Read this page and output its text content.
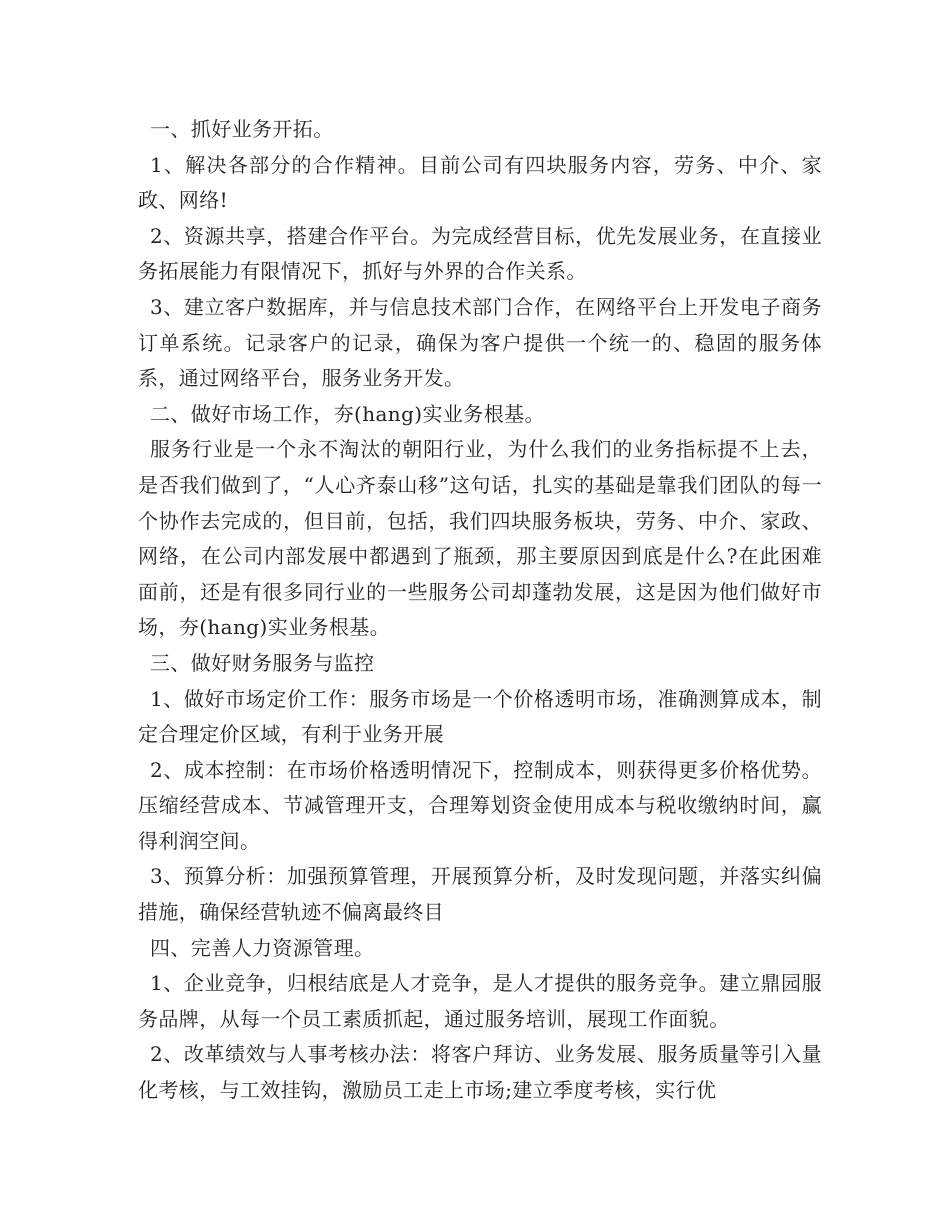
一、抓好业务开拓。

1、解决各部分的合作精神。目前公司有四块服务内容，劳务、中介、家政、网络!

2、资源共享，搭建合作平台。为完成经营目标，优先发展业务，在直接业务拓展能力有限情况下，抓好与外界的合作关系。

3、建立客户数据库，并与信息技术部门合作，在网络平台上开发电子商务订单系统。记录客户的记录，确保为客户提供一个统一的、稳固的服务体系，通过网络平台，服务业务开发。

二、做好市场工作，夯(hang)实业务根基。

服务行业是一个永不淘汰的朝阳行业，为什么我们的业务指标提不上去，是否我们做到了，“人心齐泰山移”这句话，扎实的基础是靠我们团队的每一个协作去完成的，但目前，包括，我们四块服务板块，劳务、中介、家政、网络，在公司内部发展中都遇到了瓶颈，那主要原因到底是什么?在此困难面前，还是有很多同行业的一些服务公司却蓬勃发展，这是因为他们做好市场，夯(hang)实业务根基。

三、做好财务服务与监控

1、做好市场定价工作：服务市场是一个价格透明市场，准确测算成本，制定合理定价区域，有利于业务开展

2、成本控制：在市场价格透明情况下，控制成本，则获得更多价格优势。压缩经营成本、节减管理开支，合理筹划资金使用成本与税收缴纳时间，赢得利润空间。

3、预算分析：加强预算管理，开展预算分析，及时发现问题，并落实纠偏措施，确保经营轨迹不偏离最终目

四、完善人力资源管理。

1、企业竞争，归根结底是人才竞争，是人才提供的服务竞争。建立鼎园服务品牌，从每一个员工素质抓起，通过服务培训，展现工作面貌。

2、改革绩效与人事考核办法：将客户拜访、业务发展、服务质量等引入量化考核，与工效挂钩，激励员工走上市场;建立季度考核，实行优
